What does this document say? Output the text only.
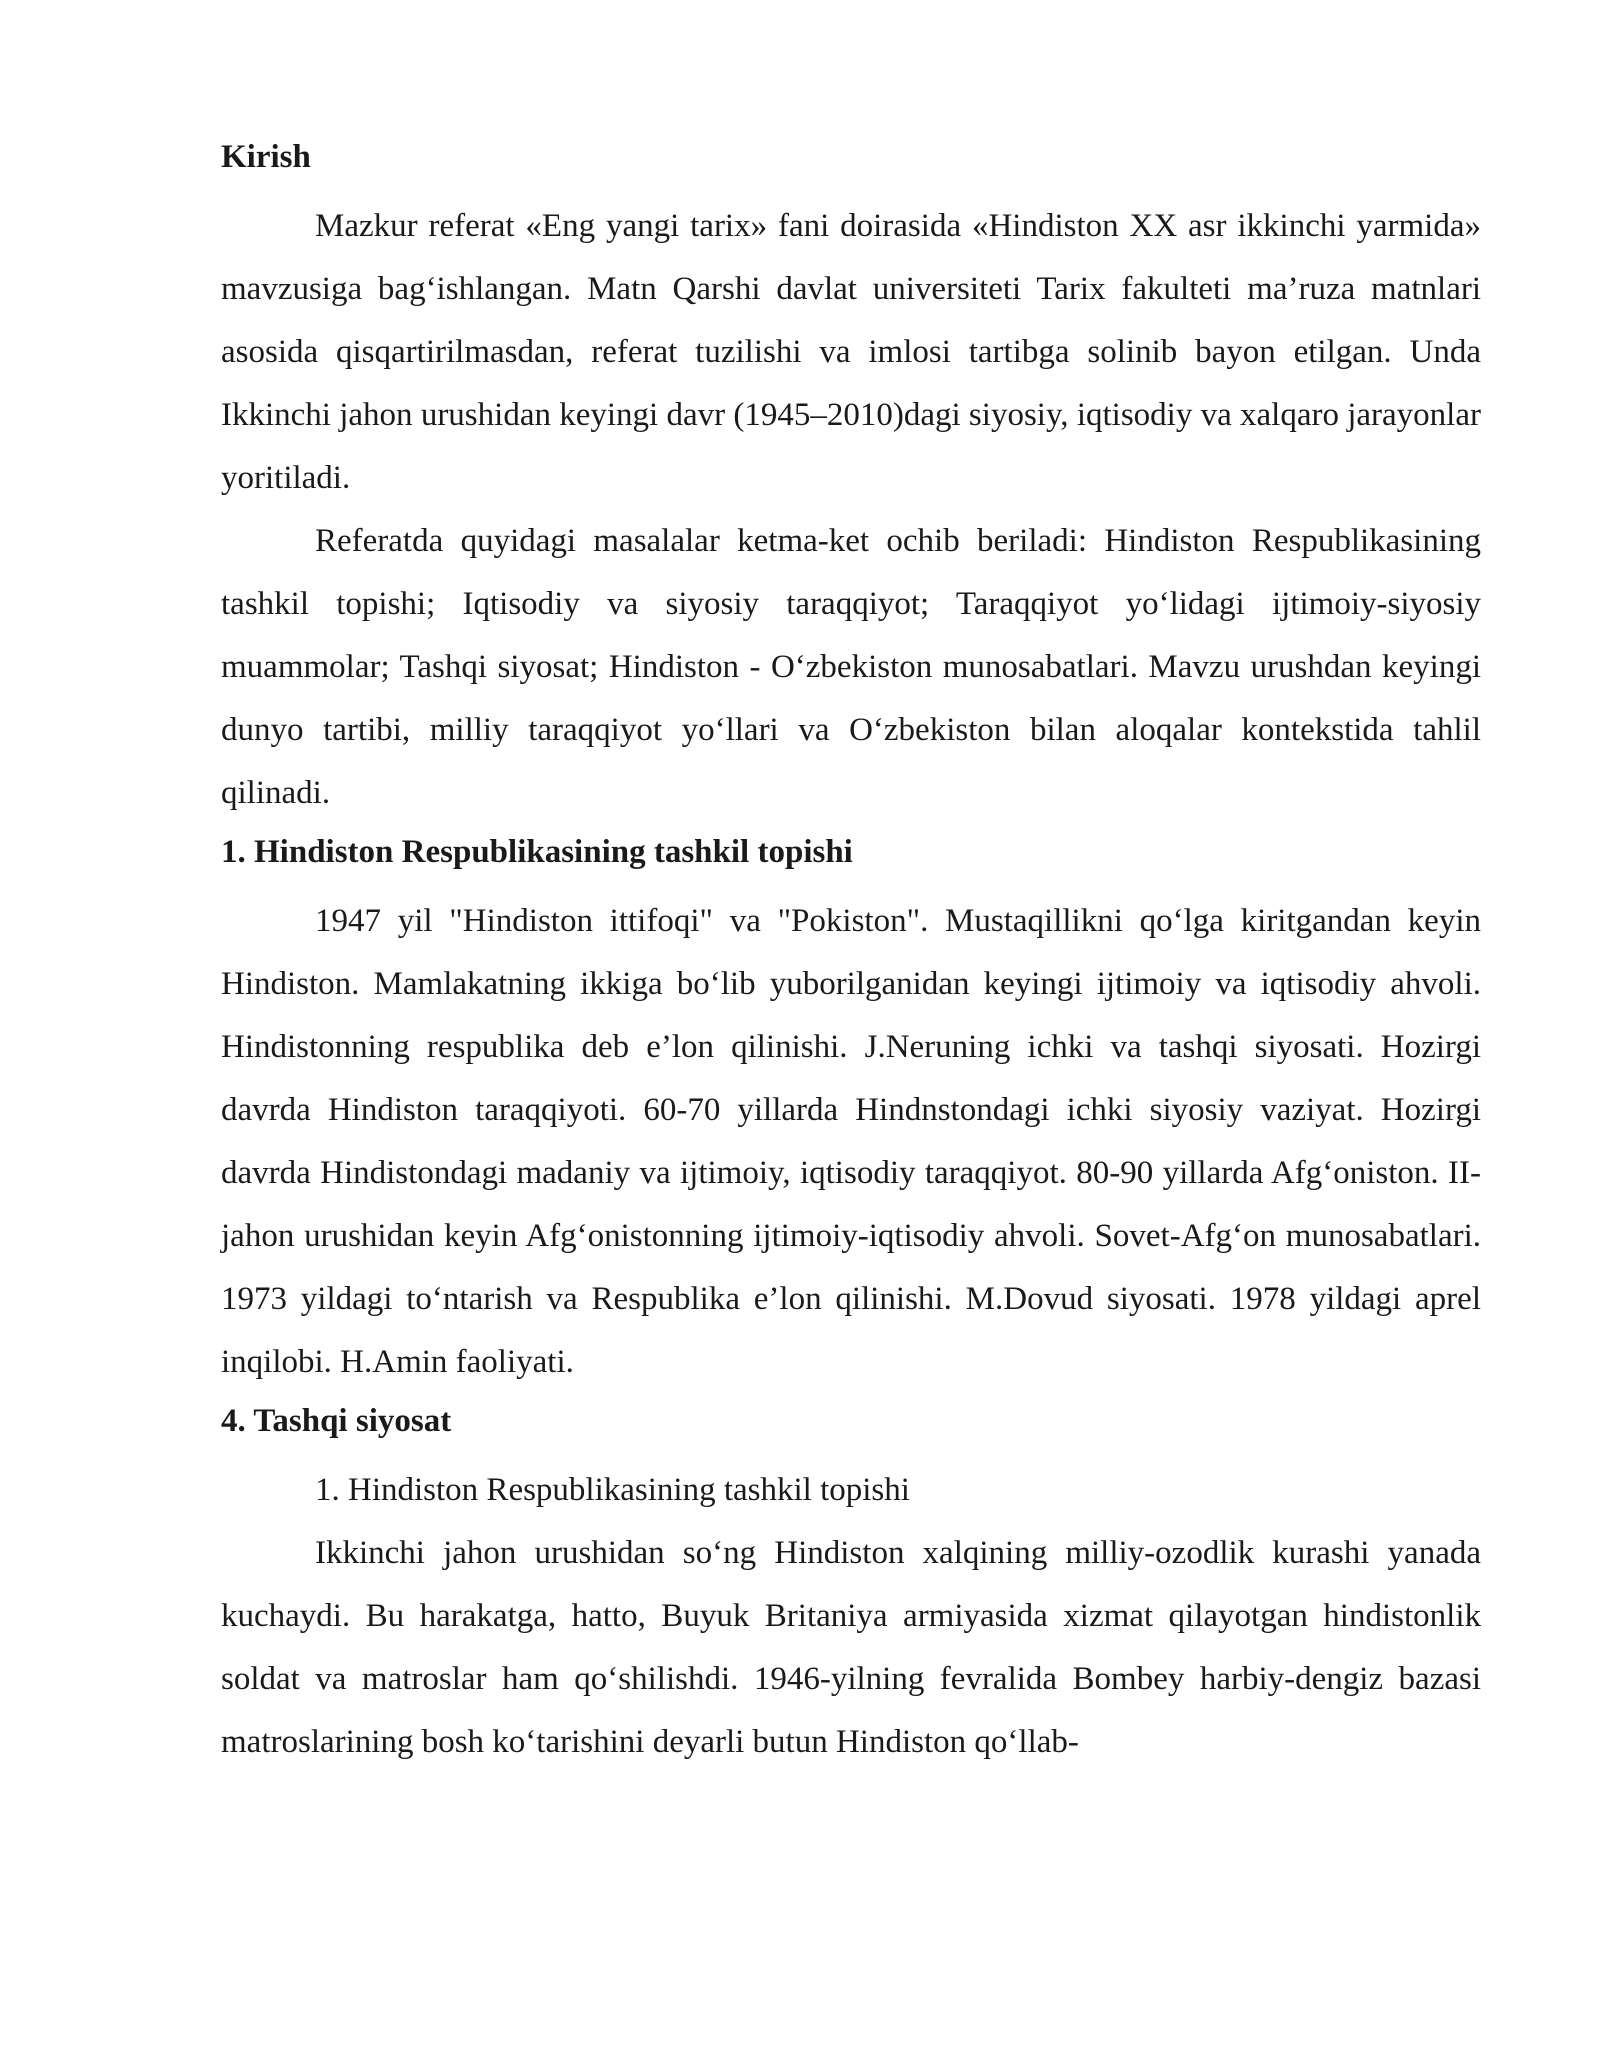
Kirish

Mazkur referat «Eng yangi tarix» fani doirasida «Hindiston XX asr ikkinchi yarmida» mavzusiga bag‘ishlangan. Matn Qarshi davlat universiteti Tarix fakulteti ma’ruza matnlari asosida qisqartirilmasdan, referat tuzilishi va imlosi tartibga solinib bayon etilgan. Unda Ikkinchi jahon urushidan keyingi davr (1945–2010)dagi siyosiy, iqtisodiy va xalqaro jarayonlar yoritiladi.

Referatda quyidagi masalalar ketma-ket ochib beriladi: Hindiston Respublikasining tashkil topishi; Iqtisodiy va siyosiy taraqqiyot; Taraqqiyot yo‘lidagi ijtimoiy-siyosiy muammolar; Tashqi siyosat; Hindiston - O‘zbekiston munosabatlari. Mavzu urushdan keyingi dunyo tartibi, milliy taraqqiyot yo‘llari va O‘zbekiston bilan aloqalar kontekstida tahlil qilinadi.

1. Hindiston Respublikasining tashkil topishi

1947 yil "Hindiston ittifoqi" va "Pokiston". Mustaqillikni qo‘lga kiritgandan keyin Hindiston. Mamlakatning ikkiga bo‘lib yuborilganidan keyingi ijtimoiy va iqtisodiy ahvoli. Hindistonning respublika deb e’lon qilinishi. J.Neruning ichki va tashqi siyosati. Hozirgi davrda Hindiston taraqqiyoti. 60-70 yillarda Hindnstondagi ichki siyosiy vaziyat. Hozirgi davrda Hindistondagi madaniy va ijtimoiy, iqtisodiy taraqqiyot. 80-90 yillarda Afg‘oniston. II-jahon urushidan keyin Afg‘onistonning ijtimoiy-iqtisodiy ahvoli. Sovet-Afg‘on munosabatlari. 1973 yildagi to‘ntarish va Respublika e’lon qilinishi. M.Dovud siyosati. 1978 yildagi aprel inqilobi. H.Amin faoliyati.

4. Tashqi siyosat

1. Hindiston Respublikasining tashkil topishi

Ikkinchi jahon urushidan so‘ng Hindiston xalqining milliy-ozodlik kurashi yanada kuchaydi. Bu harakatga, hatto, Buyuk Britaniya armiyasida xizmat qilayotgan hindistonlik soldat va matroslar ham qo‘shilishdi. 1946-yilning fevralida Bombey harbiy-dengiz bazasi matroslarining bosh ko‘tarishini deyarli butun Hindiston qo‘llab-
